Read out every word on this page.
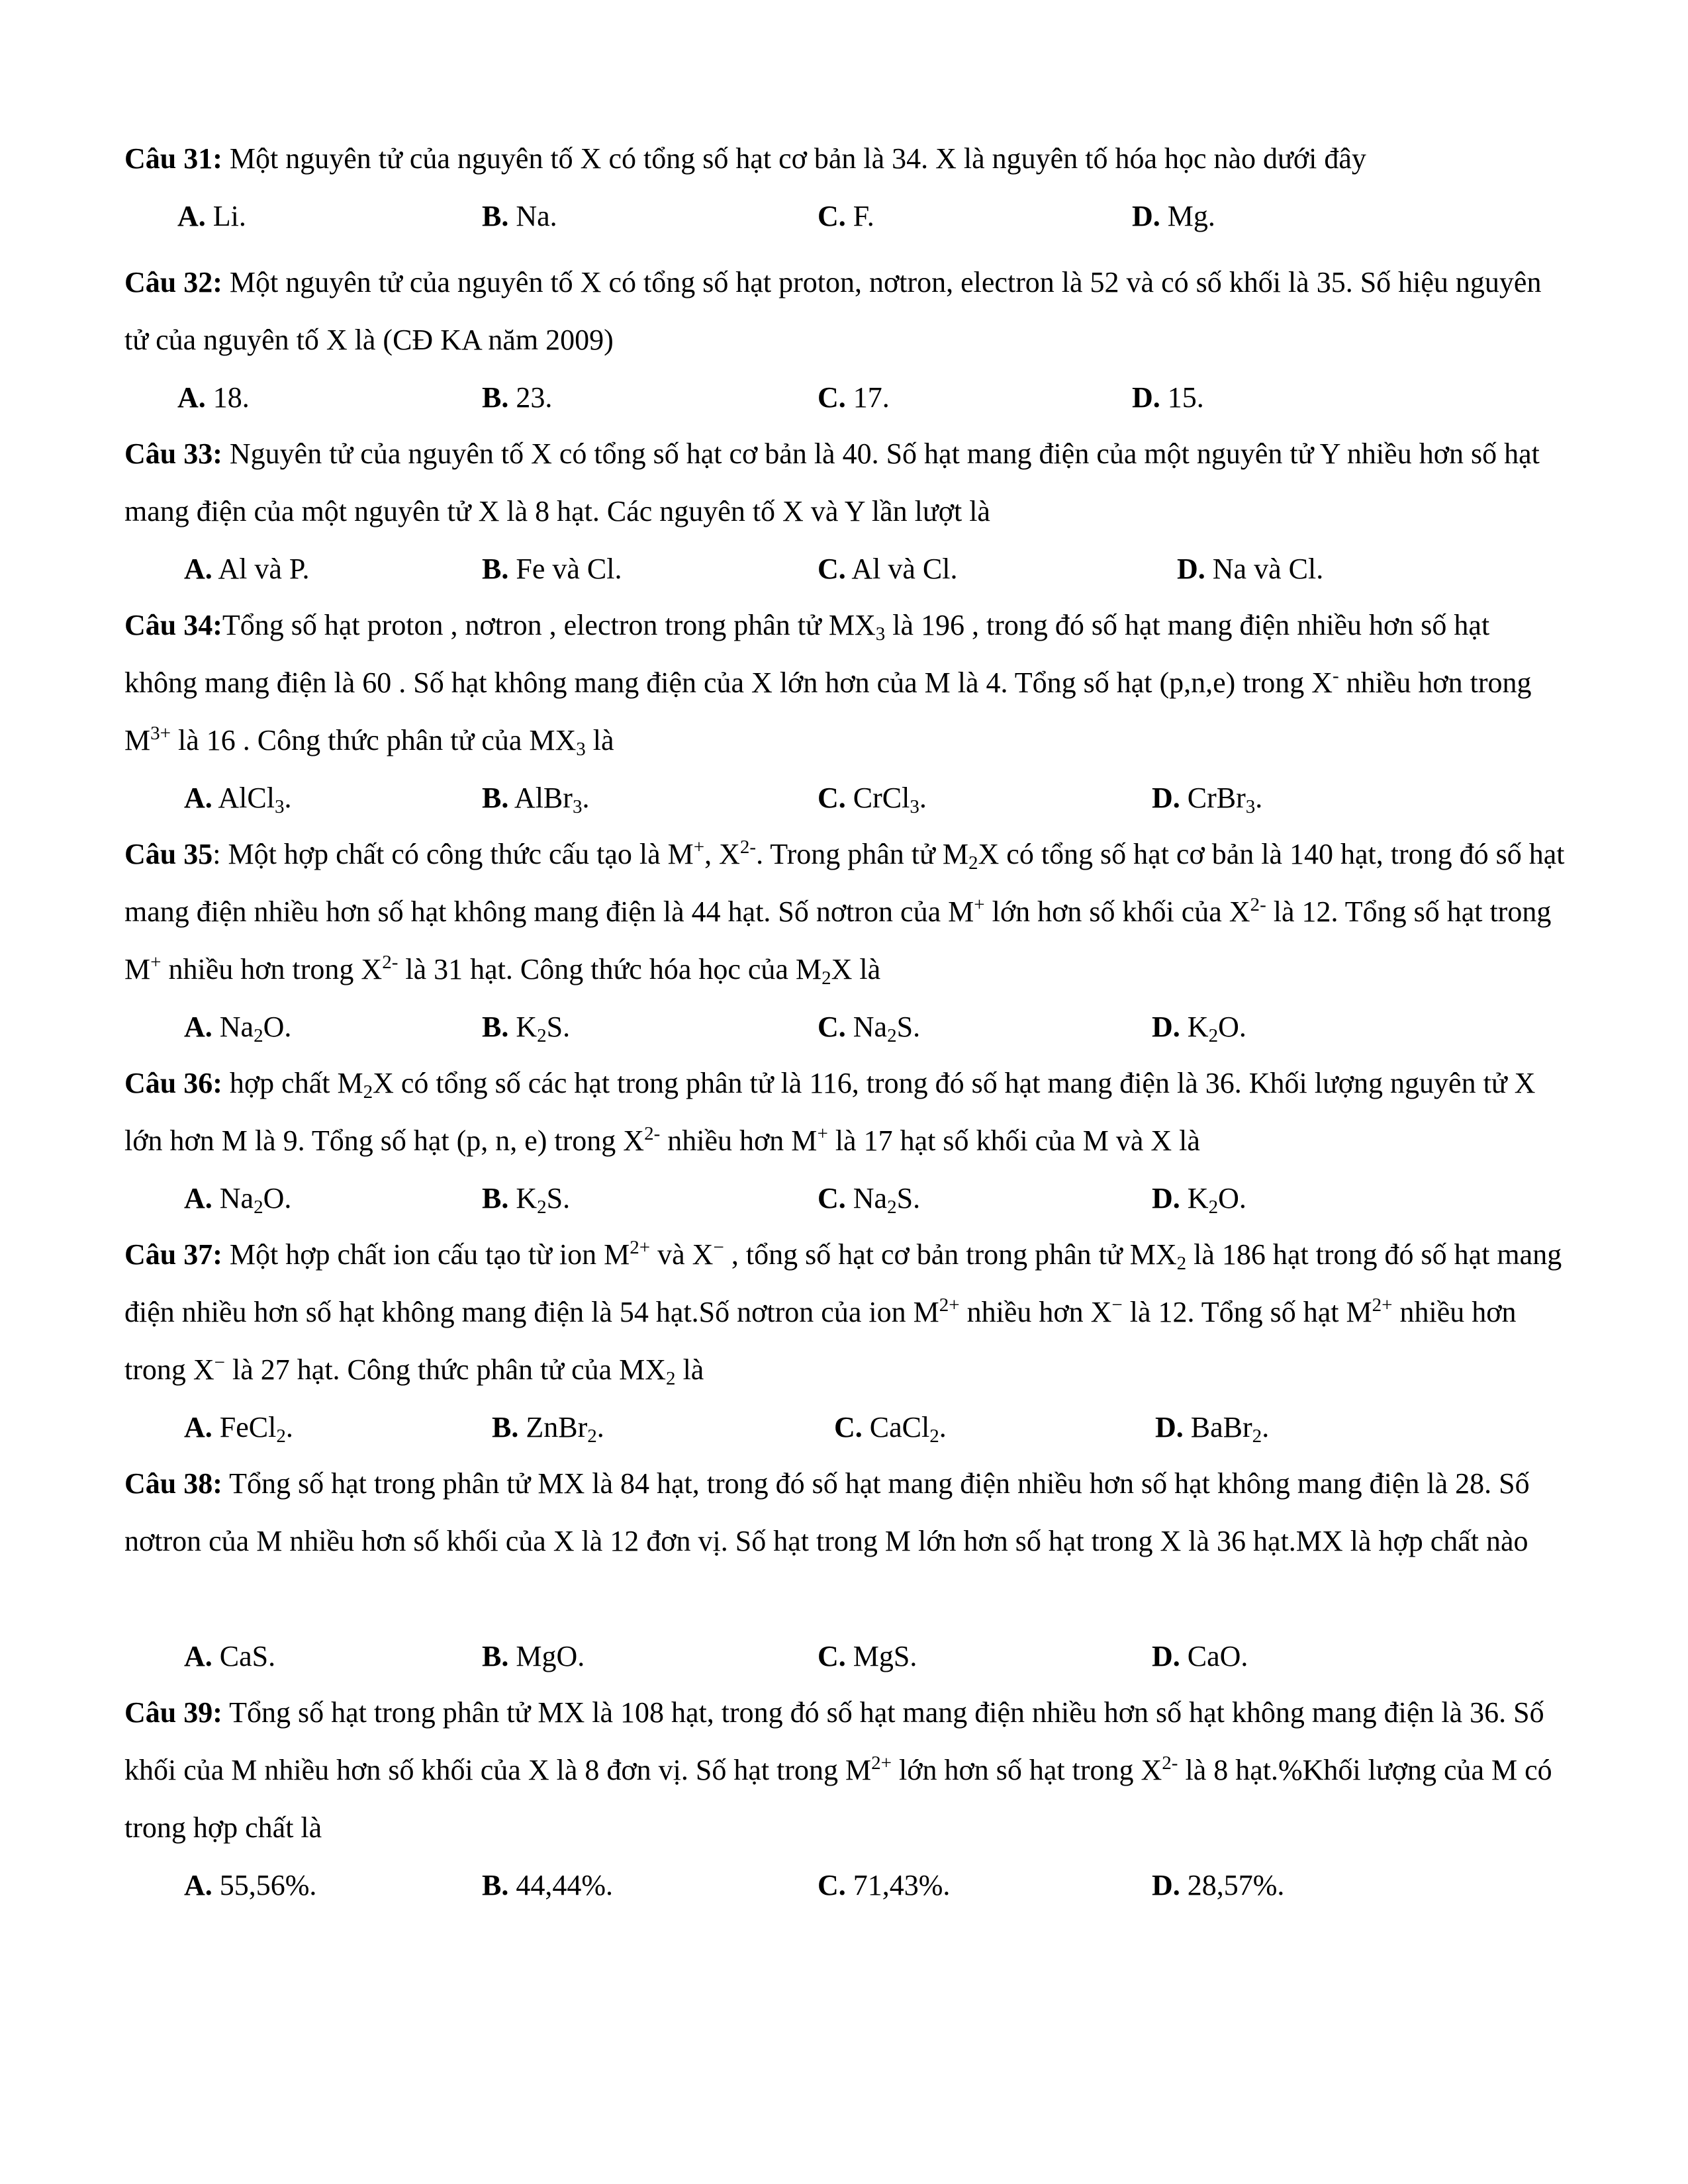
Câu 31: Một nguyên tử của nguyên tố X có tổng số hạt cơ bản là 34. X là nguyên tố hóa học nào dưới đây
A. Li.	B. Na.	C. F.	D. Mg.
Câu 32: Một nguyên tử của nguyên tố X có tổng số hạt proton, nơtron, electron là 52 và có số khối là 35. Số hiệu nguyên tử của nguyên tố X là (CĐ KA năm 2009)
A. 18.	B. 23.	C. 17.	D. 15.
Câu 33: Nguyên tử của nguyên tố X có tổng số hạt cơ bản là 40. Số hạt mang điện của một nguyên tử Y nhiều hơn số hạt mang điện của một nguyên tử X là 8 hạt. Các nguyên tố X và Y lần lượt là
A. Al và P.	B. Fe và Cl.	C. Al và Cl.	D. Na và Cl.
Câu 34:Tổng số hạt proton , nơtron , electron trong phân tử $MX_3$ là 196 , trong đó số hạt mang điện nhiều hơn số hạt không mang điện là 60 . Số hạt không mang điện của X lớn hơn của M là 4. Tổng số hạt (p,n,e) trong X- nhiều hơn trong $M^{3+}$ là 16 . Công thức phân tử của $MX_3$ là
A. AlCl$_3$.	B. AlBr$_3$.	C. CrCl$_3$.	D. CrBr$_3$.
Câu 35: Một hợp chất có công thức cấu tạo là M+, $X^{2-}$. Trong phân tử $M_2X$ có tổng số hạt cơ bản là 140 hạt, trong đó số hạt mang điện nhiều hơn số hạt không mang điện là 44 hạt. Số nơtron của M+ lớn hơn số khối của $X^{2-}$ là 12. Tổng số hạt trong M+ nhiều hơn trong $X^{2-}$ là 31 hạt. Công thức hóa học của $M_2X$ là
A. $Na_2O$.	B. $K_2S$.	C. $Na_2S$.	D. $K_2O$.
Câu 36: hợp chất $M_2X$ có tổng số các hạt trong phân tử là 116, trong đó số hạt mang điện là 36. Khối lượng nguyên tử X lớn hơn M là 9. Tổng số hạt (p, n, e) trong $X^{2-}$ nhiều hơn M+ là 17 hạt số khối của M và X là
A. $Na_2O$.	B. $K_2S$.	C. $Na_2S$.	D. $K_2O$.
Câu 37: Một hợp chất ion cấu tạo từ ion $M^{2+}$ và X− , tổng số hạt cơ bản trong phân tử $MX_2$ là 186 hạt trong đó số hạt mang điện nhiều hơn số hạt không mang điện là 54 hạt.Số nơtron của ion $M^{2+}$ nhiều hơn X− là 12. Tổng số hạt $M^{2+}$ nhiều hơn trong X− là 27 hạt. Công thức phân tử của $MX_2$ là
A. FeCl$_2$.	B. ZnBr$_2$.	C. CaCl$_2$.	D. BaBr$_2$.
Câu 38: Tổng số hạt trong phân tử MX là 84 hạt, trong đó số hạt mang điện nhiều hơn số hạt không mang điện là 28. Số nơtron của M nhiều hơn số khối của X là 12 đơn vị. Số hạt trong M lớn hơn số hạt trong X là 36 hạt.MX là hợp chất nào
A. CaS.	B. MgO.	C. MgS.	D. CaO.
Câu 39: Tổng số hạt trong phân tử MX là 108 hạt, trong đó số hạt mang điện nhiều hơn số hạt không mang điện là 36. Số khối của M nhiều hơn số khối của X là 8 đơn vị. Số hạt trong $M^{2+}$ lớn hơn số hạt trong $X^{2-}$ là 8 hạt.%Khối lượng của M có trong hợp chất là
A. 55,56%.	B. 44,44%.	C. 71,43%.	D. 28,57%.
